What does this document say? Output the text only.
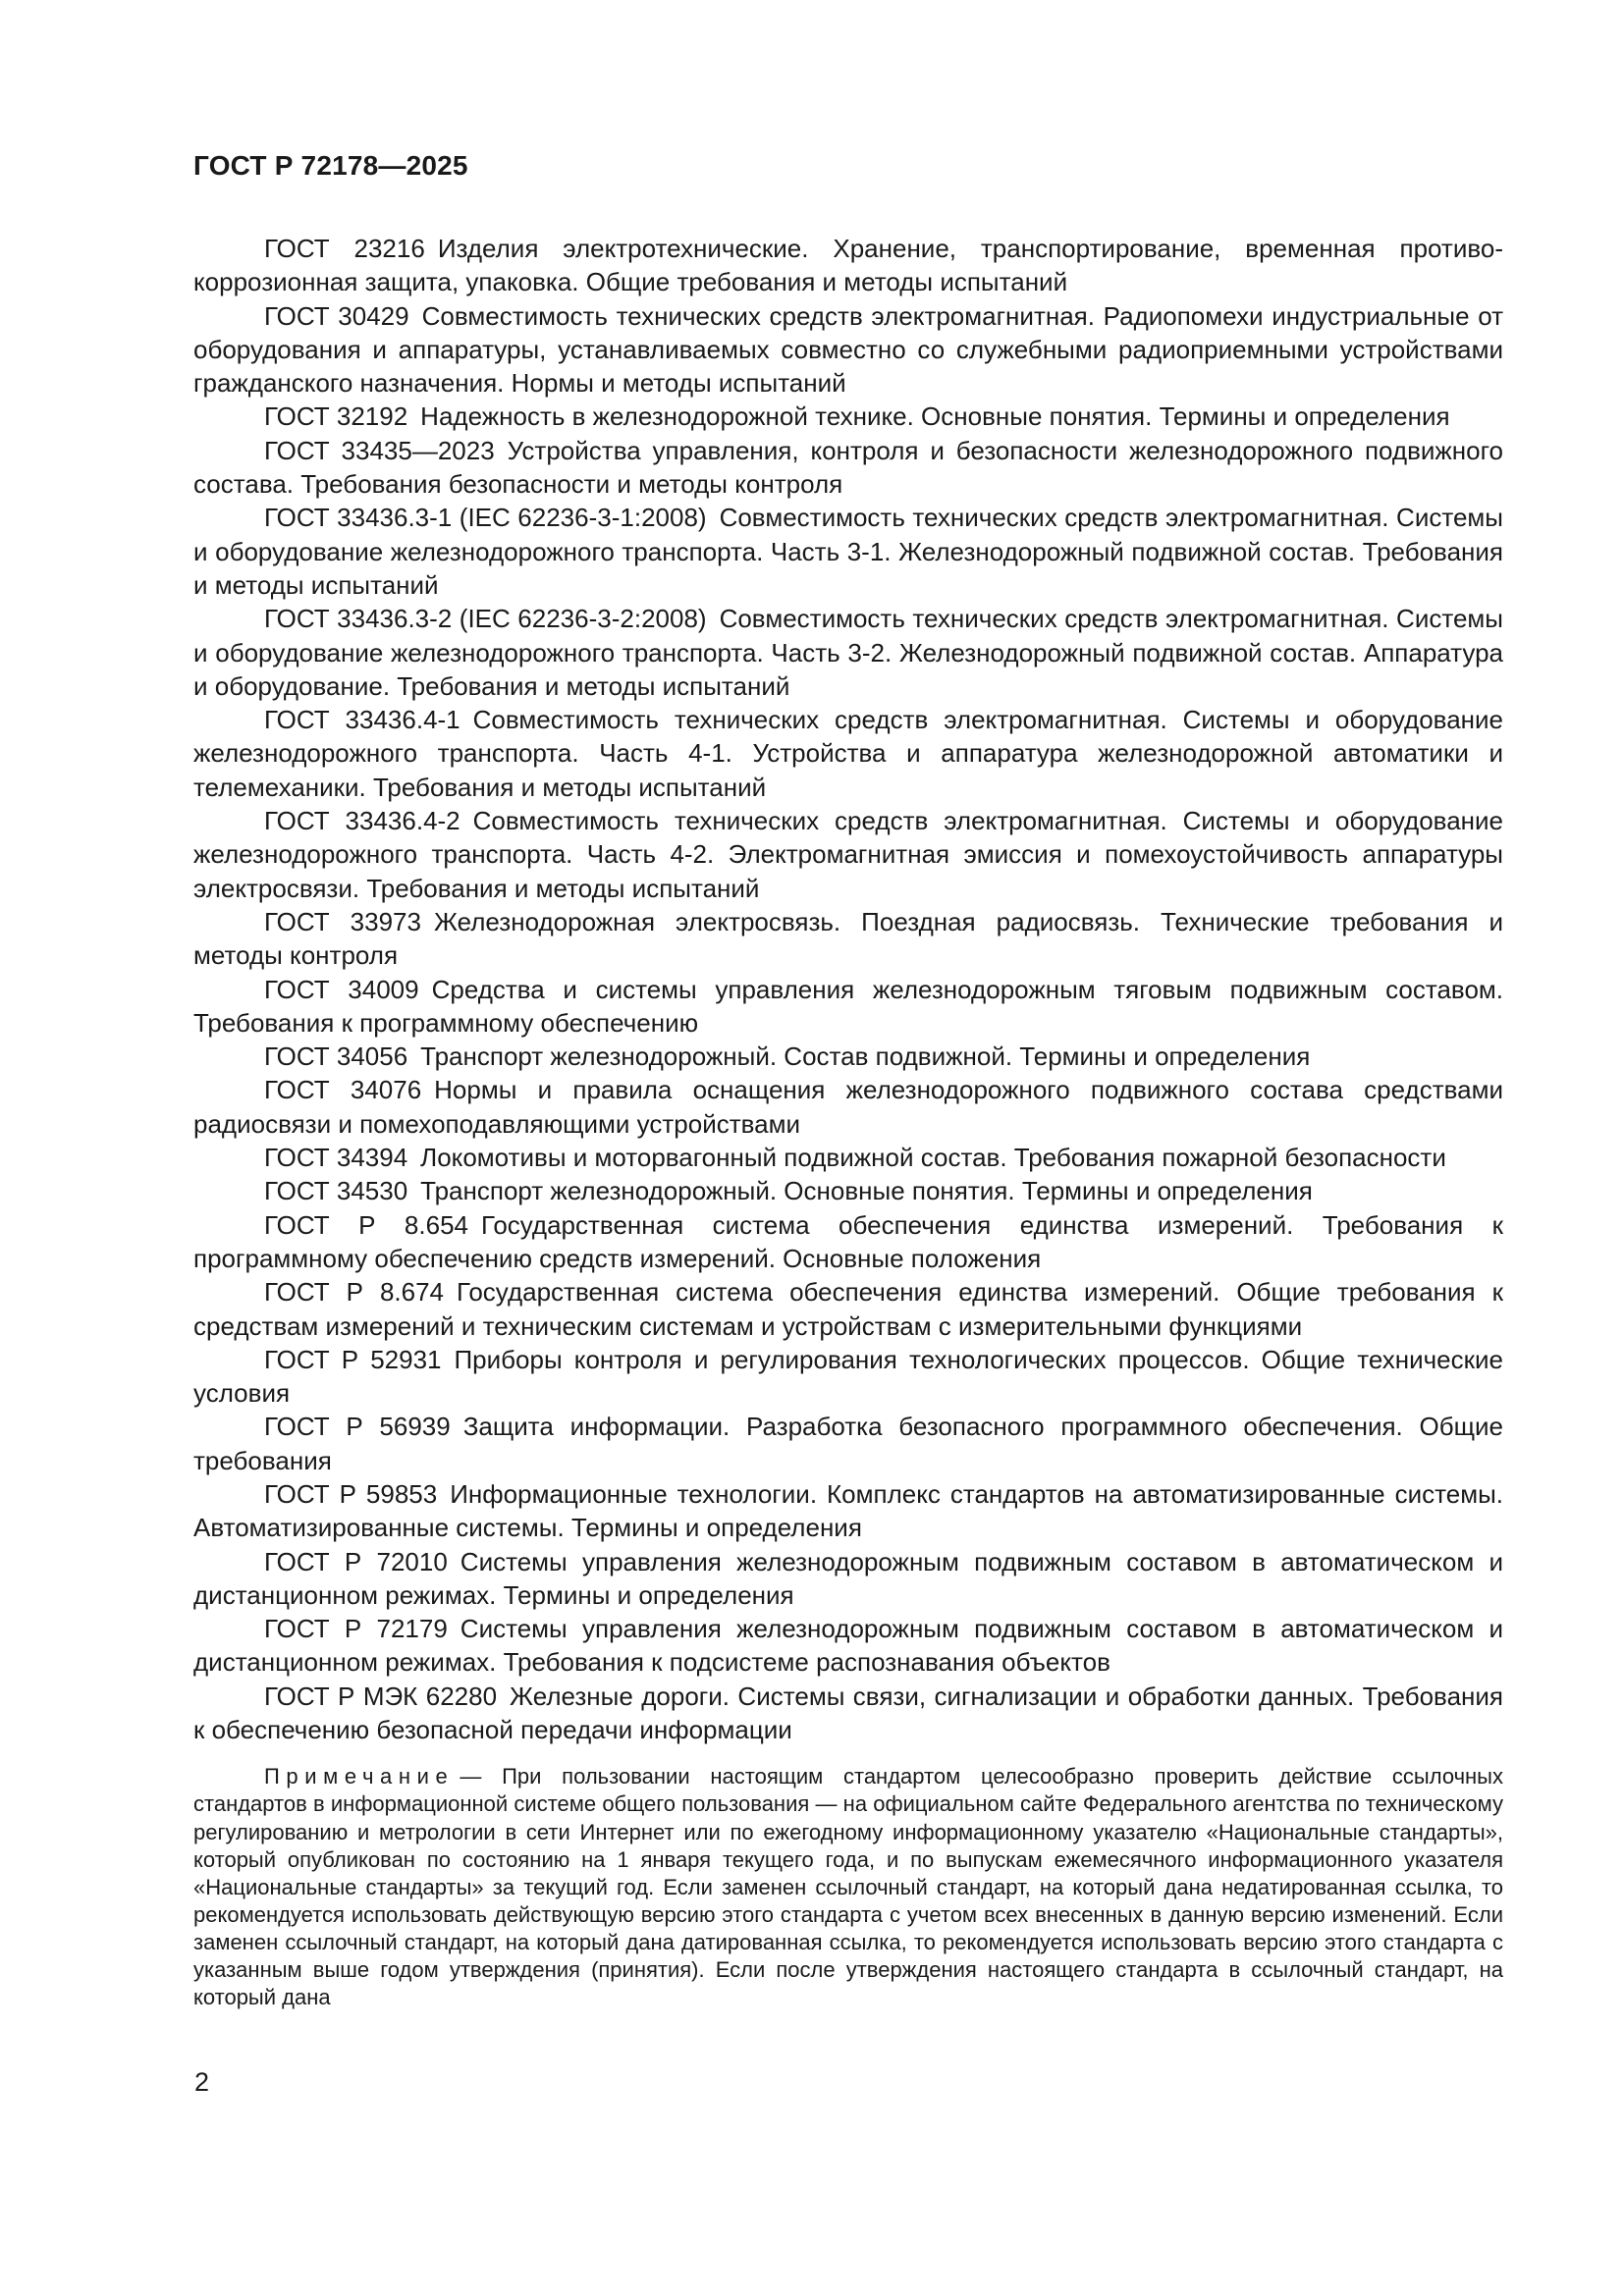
ГОСТ Р 72178—2025

ГОСТ 23216 Изделия электротехнические. Хранение, транспортирование, временная противокоррозионная защита, упаковка. Общие требования и методы испытаний

ГОСТ 30429 Совместимость технических средств электромагнитная. Радиопомехи индустриальные от оборудования и аппаратуры, устанавливаемых совместно со служебными радиоприемными устройствами гражданского назначения. Нормы и методы испытаний

ГОСТ 32192 Надежность в железнодорожной технике. Основные понятия. Термины и определения

ГОСТ 33435—2023 Устройства управления, контроля и безопасности железнодорожного подвижного состава. Требования безопасности и методы контроля

ГОСТ 33436.3-1 (IEC 62236-3-1:2008) Совместимость технических средств электромагнитная. Системы и оборудование железнодорожного транспорта. Часть 3-1. Железнодорожный подвижной состав. Требования и методы испытаний

ГОСТ 33436.3-2 (IEC 62236-3-2:2008) Совместимость технических средств электромагнитная. Системы и оборудование железнодорожного транспорта. Часть 3-2. Железнодорожный подвижной состав. Аппаратура и оборудование. Требования и методы испытаний

ГОСТ 33436.4-1 Совместимость технических средств электромагнитная. Системы и оборудование железнодорожного транспорта. Часть 4-1. Устройства и аппаратура железнодорожной автоматики и телемеханики. Требования и методы испытаний

ГОСТ 33436.4-2 Совместимость технических средств электромагнитная. Системы и оборудование железнодорожного транспорта. Часть 4-2. Электромагнитная эмиссия и помехоустойчивость аппаратуры электросвязи. Требования и методы испытаний

ГОСТ 33973 Железнодорожная электросвязь. Поездная радиосвязь. Технические требования и методы контроля

ГОСТ 34009 Средства и системы управления железнодорожным тяговым подвижным составом. Требования к программному обеспечению

ГОСТ 34056 Транспорт железнодорожный. Состав подвижной. Термины и определения

ГОСТ 34076 Нормы и правила оснащения железнодорожного подвижного состава средствами радиосвязи и помехоподавляющими устройствами

ГОСТ 34394 Локомотивы и моторвагонный подвижной состав. Требования пожарной безопасности

ГОСТ 34530 Транспорт железнодорожный. Основные понятия. Термины и определения

ГОСТ Р 8.654 Государственная система обеспечения единства измерений. Требования к программному обеспечению средств измерений. Основные положения

ГОСТ Р 8.674 Государственная система обеспечения единства измерений. Общие требования к средствам измерений и техническим системам и устройствам с измерительными функциями

ГОСТ Р 52931 Приборы контроля и регулирования технологических процессов. Общие технические условия

ГОСТ Р 56939 Защита информации. Разработка безопасного программного обеспечения. Общие требования

ГОСТ Р 59853 Информационные технологии. Комплекс стандартов на автоматизированные системы. Автоматизированные системы. Термины и определения

ГОСТ Р 72010 Системы управления железнодорожным подвижным составом в автоматическом и дистанционном режимах. Термины и определения

ГОСТ Р 72179 Системы управления железнодорожным подвижным составом в автоматическом и дистанционном режимах. Требования к подсистеме распознавания объектов

ГОСТ Р МЭК 62280 Железные дороги. Системы связи, сигнализации и обработки данных. Требования к обеспечению безопасной передачи информации

Примечание — При пользовании настоящим стандартом целесообразно проверить действие ссылочных стандартов в информационной системе общего пользования — на официальном сайте Федерального агентства по техническому регулированию и метрологии в сети Интернет или по ежегодному информационному указателю «Национальные стандарты», который опубликован по состоянию на 1 января текущего года, и по выпускам ежемесячного информационного указателя «Национальные стандарты» за текущий год. Если заменен ссылочный стандарт, на который дана недатированная ссылка, то рекомендуется использовать действующую версию этого стандарта с учетом всех внесенных в данную версию изменений. Если заменен ссылочный стандарт, на который дана датированная ссылка, то рекомендуется использовать версию этого стандарта с указанным выше годом утверждения (принятия). Если после утверждения настоящего стандарта в ссылочный стандарт, на который дана

2
